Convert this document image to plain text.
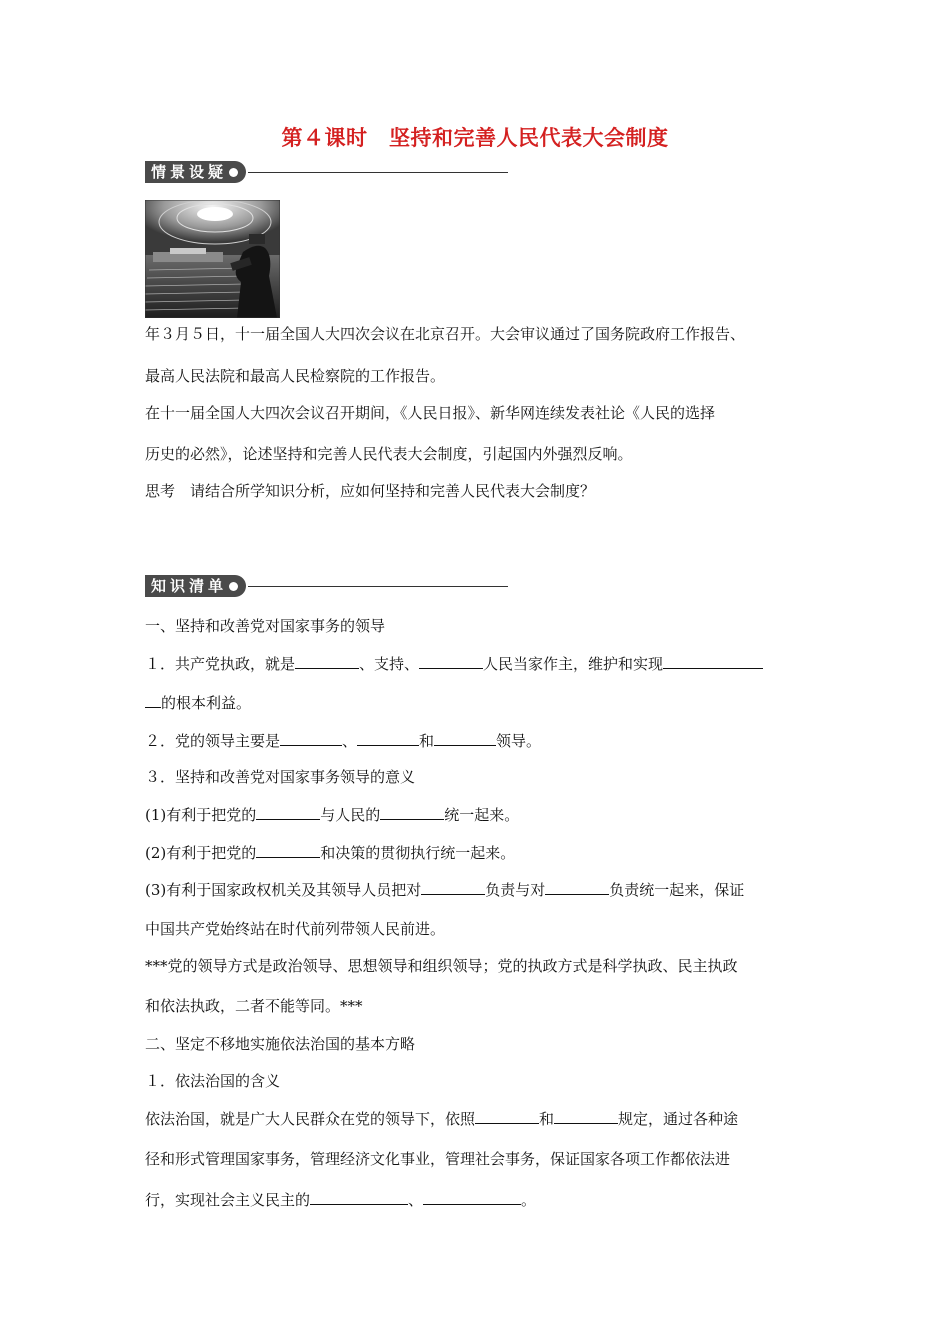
第４课时　坚持和完善人民代表大会制度
情景设疑
年３月５日，十一届全国人大四次会议在北京召开。大会审议通过了国务院政府工作报告、
最高人民法院和最高人民检察院的工作报告。
在十一届全国人大四次会议召开期间，《人民日报》、新华网连续发表社论《人民的选择
历史的必然》，论述坚持和完善人民代表大会制度，引起国内外强烈反响。
思考　请结合所学知识分析，应如何坚持和完善人民代表大会制度？
知识清单
一、坚持和改善党对国家事务的领导
１．共产党执政，就是	、支持、	人民当家作主，维护和实现
的根本利益。
２．党的领导主要是	、	和	领导。
３．坚持和改善党对国家事务领导的意义
(1)有利于把党的	与人民的	统一起来。
(2)有利于把党的	和决策的贯彻执行统一起来。
(3)有利于国家政权机关及其领导人员把对	负责与对	负责统一起来，保证
中国共产党始终站在时代前列带领人民前进。
***党的领导方式是政治领导、思想领导和组织领导；党的执政方式是科学执政、民主执政
和依法执政，二者不能等同。***
二、坚定不移地实施依法治国的基本方略
１．依法治国的含义
依法治国，就是广大人民群众在党的领导下，依照	和	规定，通过各种途
径和形式管理国家事务，管理经济文化事业，管理社会事务，保证国家各项工作都依法进
行，实现社会主义民主的	、	。
